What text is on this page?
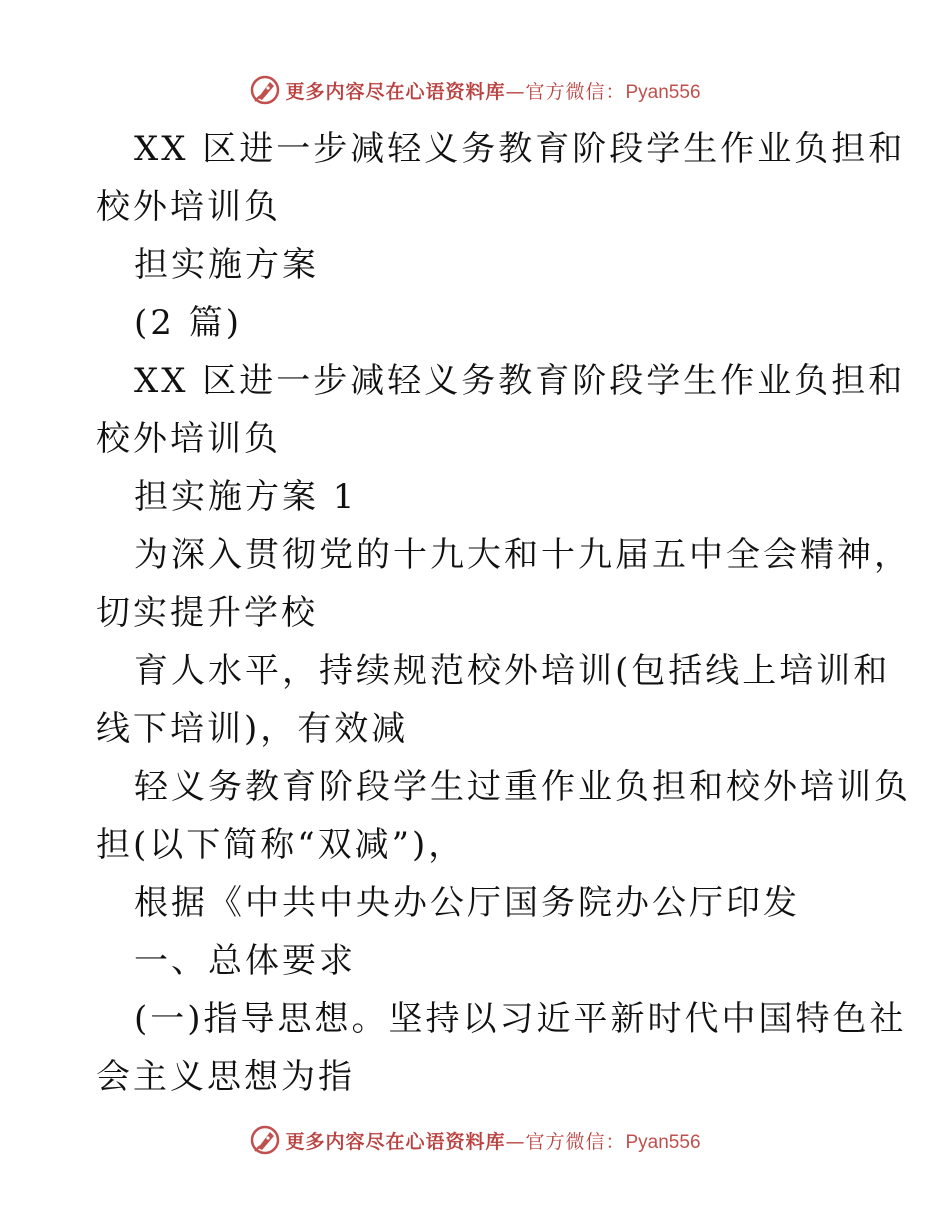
更多内容尽在心语资料库—官方微信：Pyan556
XX 区进一步减轻义务教育阶段学生作业负担和
校外培训负
担实施方案
(2 篇)
XX 区进一步减轻义务教育阶段学生作业负担和
校外培训负
担实施方案 1
为深入贯彻党的十九大和十九届五中全会精神，
切实提升学校
育人水平，持续规范校外培训(包括线上培训和
线下培训)，有效减
轻义务教育阶段学生过重作业负担和校外培训负
担(以下简称“双减”)，
根据《中共中央办公厅国务院办公厅印发
一、总体要求
(一)指导思想。坚持以习近平新时代中国特色社
会主义思想为指
更多内容尽在心语资料库—官方微信：Pyan556
